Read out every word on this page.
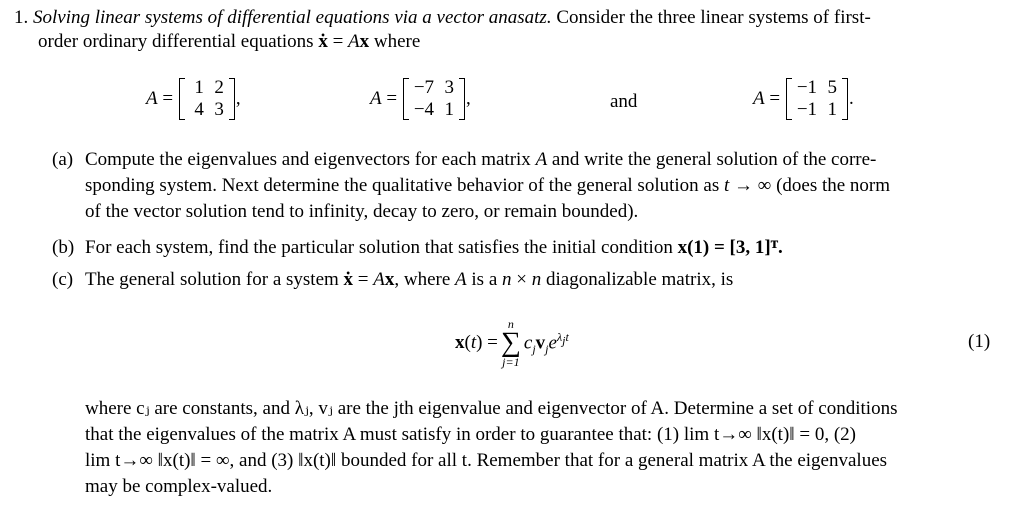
1. Solving linear systems of differential equations via a vector anasatz. Consider the three linear systems of first-
order ordinary differential equations ẋ = Ax where
A =
1	2
4	3
,	A =
−7	3
−4	1
,	and	A =
−1	5
−1	1
.
(a) Compute the eigenvalues and eigenvectors for each matrix A and write the general solution of the corre-
sponding system. Next determine the qualitative behavior of the general solution as t → ∞ (does the norm
of the vector solution tend to infinity, decay to zero, or remain bounded).
(b) For each system, find the particular solution that satisfies the initial condition x(1) = [3, 1]ᵀ.
(c) The general solution for a system ẋ = Ax, where A is a n × n diagonalizable matrix, is
x ( t ) =
n
∑
j=1
$c_jv_je^{\lambda_jt}$	(1)
where cⱼ are constants, and λⱼ, vⱼ are the jth eigenvalue and eigenvector of A. Determine a set of conditions
that the eigenvalues of the matrix A must satisfy in order to guarantee that: (1) lim t→∞ ‖x(t)‖ = 0, (2)
lim t→∞ ‖x(t)‖ = ∞, and (3) ‖x(t)‖ bounded for all t. Remember that for a general matrix A the eigenvalues
may be complex-valued.
